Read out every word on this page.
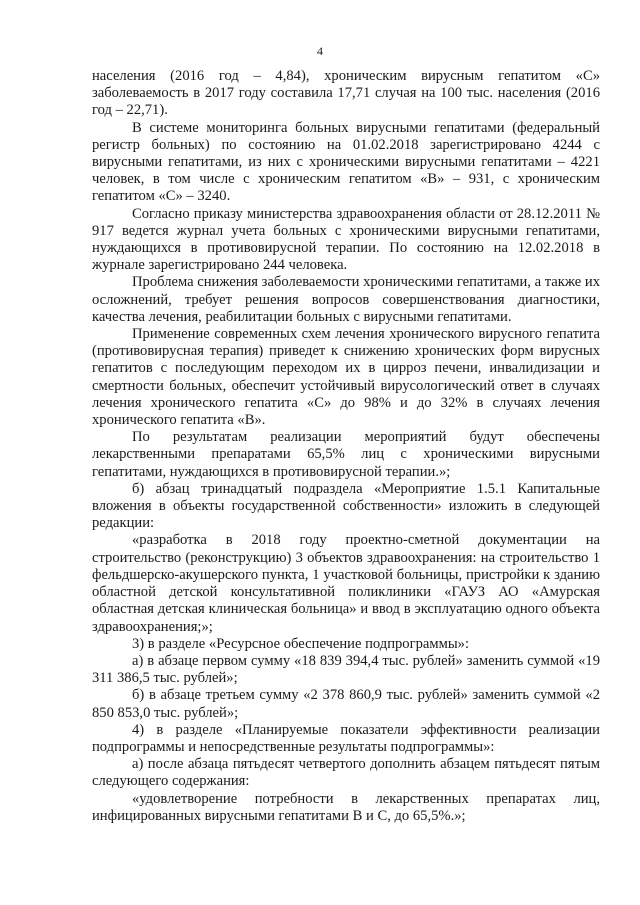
4

населения (2016 год – 4,84), хроническим вирусным гепатитом «С» заболеваемость в 2017 году составила 17,71 случая на 100 тыс. населения (2016 год – 22,71).

В системе мониторинга больных вирусными гепатитами (федеральный регистр больных) по состоянию на 01.02.2018 зарегистрировано 4244 с вирусными гепатитами, из них с хроническими вирусными гепатитами – 4221 человек, в том числе с хроническим гепатитом «В» – 931, с хроническим гепатитом «С» – 3240.

Согласно приказу министерства здравоохранения области от 28.12.2011 № 917 ведется журнал учета больных с хроническими вирусными гепатитами, нуждающихся в противовирусной терапии. По состоянию на 12.02.2018 в журнале зарегистрировано 244 человека.

Проблема снижения заболеваемости хроническими гепатитами, а также их осложнений, требует решения вопросов совершенствования диагностики, качества лечения, реабилитации больных с вирусными гепатитами.

Применение современных схем лечения хронического вирусного гепатита (противовирусная терапия) приведет к снижению хронических форм вирусных гепатитов с последующим переходом их в цирроз печени, инвалидизации и смертности больных, обеспечит устойчивый вирусологический ответ в случаях лечения хронического гепатита «С» до 98% и до 32% в случаях лечения хронического гепатита «В».

По результатам реализации мероприятий будут обеспечены лекарственными препаратами 65,5% лиц с хроническими вирусными гепатитами, нуждающихся в противовирусной терапии.»;

б) абзац тринадцатый подраздела «Мероприятие 1.5.1 Капитальные вложения в объекты государственной собственности» изложить в следующей редакции:

«разработка в 2018 году проектно-сметной документации на строительство (реконструкцию) 3 объектов здравоохранения: на строительство 1 фельдшерско-акушерского пункта, 1 участковой больницы, пристройки к зданию областной детской консультативной поликлиники «ГАУЗ АО «Амурская областная детская клиническая больница» и ввод в эксплуатацию одного объекта здравоохранения;»;

3) в разделе «Ресурсное обеспечение подпрограммы»:

а) в абзаце первом сумму «18 839 394,4 тыс. рублей» заменить суммой «19 311 386,5 тыс. рублей»;

б) в абзаце третьем сумму «2 378 860,9 тыс. рублей» заменить суммой «2 850 853,0 тыс. рублей»;

4) в разделе «Планируемые показатели эффективности реализации подпрограммы и непосредственные результаты подпрограммы»:

а) после абзаца пятьдесят четвертого дополнить абзацем пятьдесят пятым следующего содержания:

«удовлетворение потребности в лекарственных препаратах лиц, инфицированных вирусными гепатитами В и С, до 65,5%.»;
